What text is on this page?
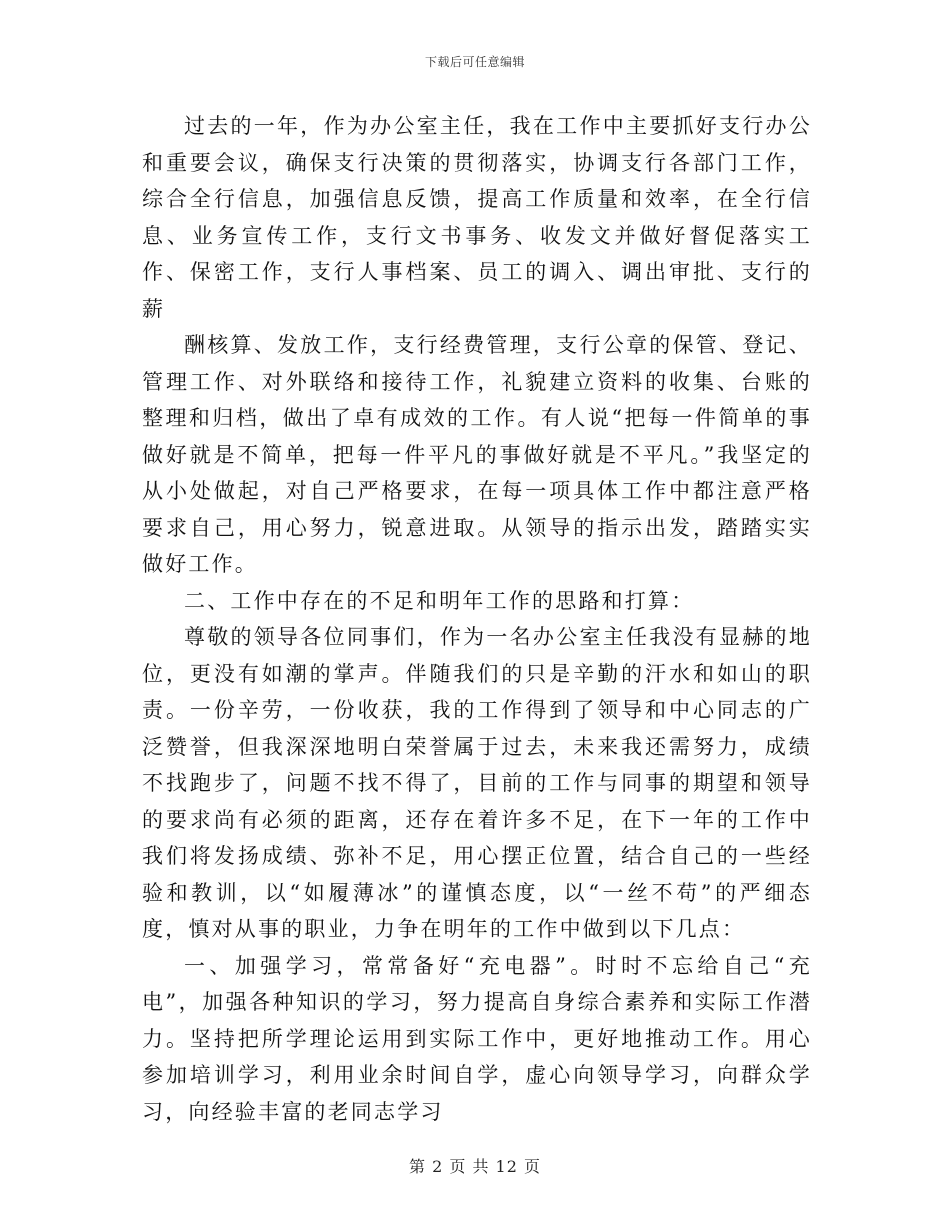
下载后可任意编辑

过去的一年，作为办公室主任，我在工作中主要抓好支行办公和重要会议，确保支行决策的贯彻落实，协调支行各部门工作，综合全行信息，加强信息反馈，提高工作质量和效率，在全行信息、业务宣传工作，支行文书事务、收发文并做好督促落实工作、保密工作，支行人事档案、员工的调入、调出审批、支行的薪

酬核算、发放工作，支行经费管理，支行公章的保管、登记、管理工作、对外联络和接待工作，礼貌建立资料的收集、台账的整理和归档，做出了卓有成效的工作。有人说“把每一件简单的事做好就是不简单，把每一件平凡的事做好就是不平凡。”我坚定的从小处做起，对自己严格要求，在每一项具体工作中都注意严格要求自己，用心努力，锐意进取。从领导的指示出发，踏踏实实做好工作。

二、工作中存在的不足和明年工作的思路和打算：

尊敬的领导各位同事们，作为一名办公室主任我没有显赫的地位，更没有如潮的掌声。伴随我们的只是辛勤的汗水和如山的职责。一份辛劳，一份收获，我的工作得到了领导和中心同志的广泛赞誉，但我深深地明白荣誉属于过去，未来我还需努力，成绩不找跑步了，问题不找不得了，目前的工作与同事的期望和领导的要求尚有必须的距离，还存在着许多不足，在下一年的工作中我们将发扬成绩、弥补不足，用心摆正位置，结合自己的一些经验和教训，以“如履薄冰”的谨慎态度，以“一丝不苟”的严细态度，慎对从事的职业，力争在明年的工作中做到以下几点：

一、加强学习，常常备好“充电器”。时时不忘给自己“充电”，加强各种知识的学习，努力提高自身综合素养和实际工作潜力。坚持把所学理论运用到实际工作中，更好地推动工作。用心参加培训学习，利用业余时间自学，虚心向领导学习，向群众学习，向经验丰富的老同志学习

第 2 页 共 12 页
